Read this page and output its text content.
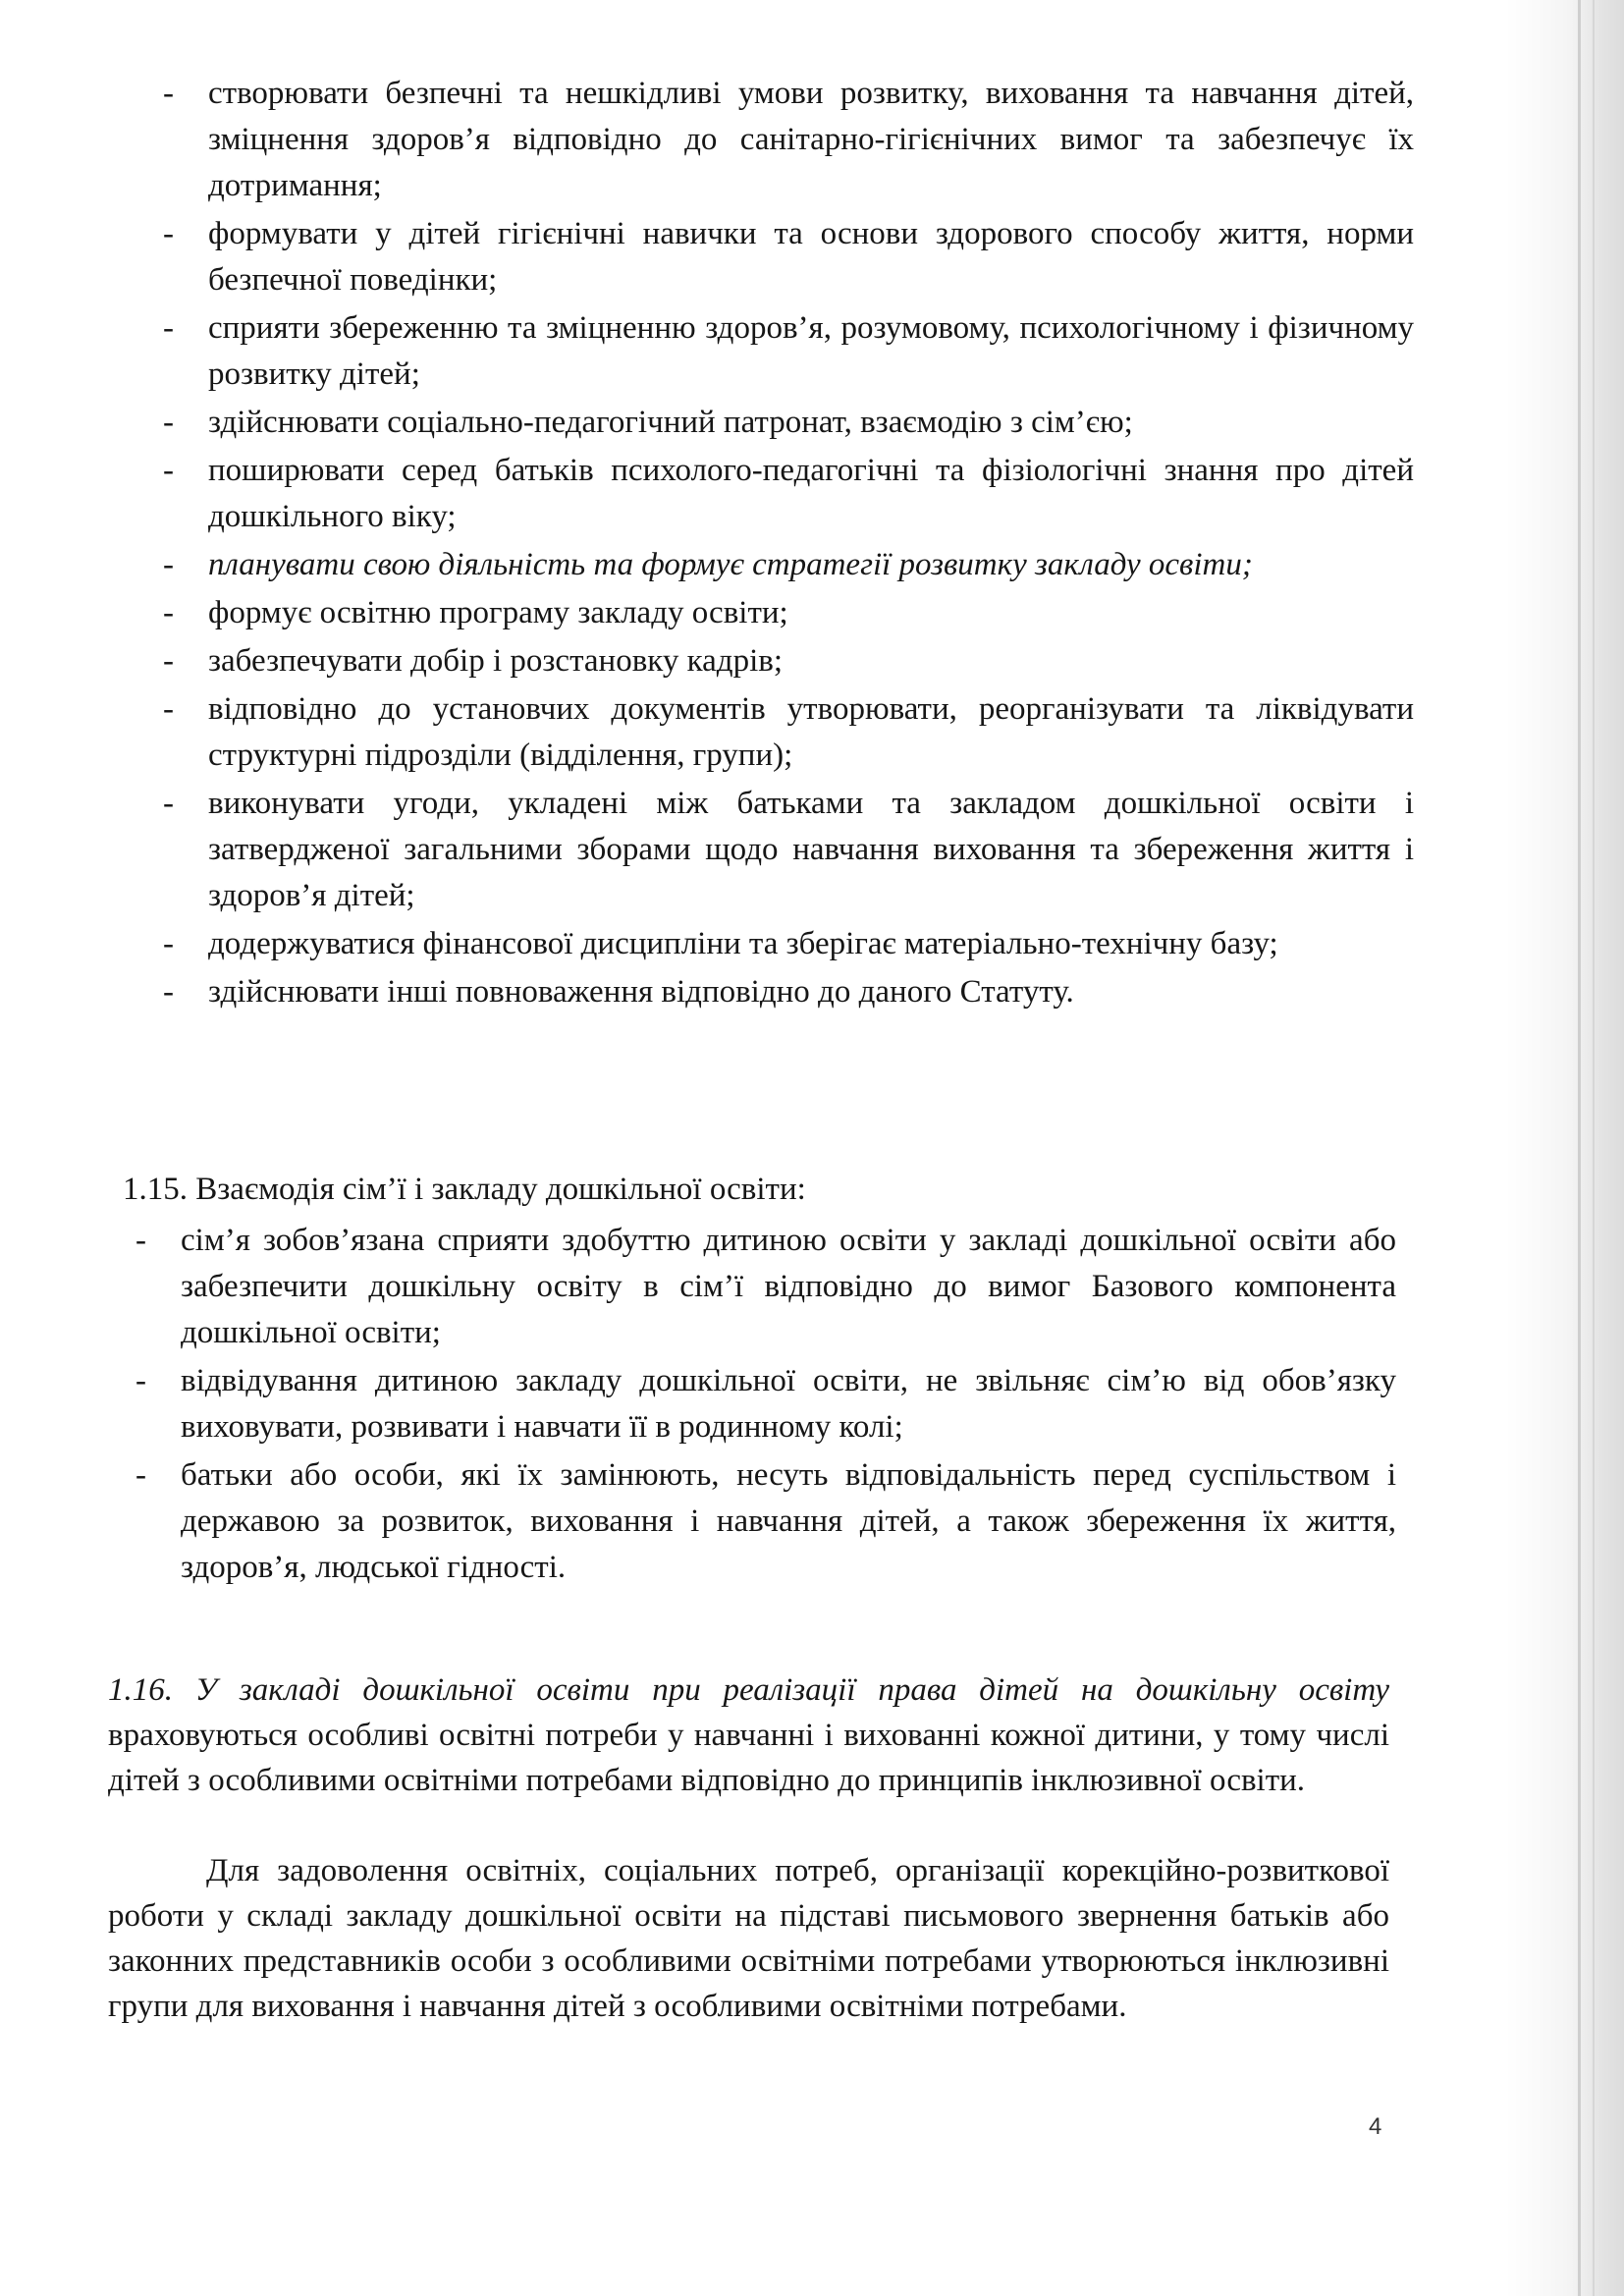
- створювати безпечні та нешкідливі умови розвитку, виховання та навчання дітей, зміцнення здоров’я відповідно до санітарно-гігієнічних вимог та забезпечує їх дотримання;
- формувати у дітей гігієнічні навички та основи здорового способу життя, норми безпечної поведінки;
- сприяти збереженню та зміцненню здоров’я, розумовому, психологічному і фізичному розвитку дітей;
- здійснювати соціально-педагогічний патронат, взаємодію з сім’єю;
- поширювати серед батьків психолого-педагогічні та фізіологічні знання про дітей дошкільного віку;
- планувати свою діяльність та формує стратегії розвитку закладу освіти;
- формує освітню програму закладу освіти;
- забезпечувати добір і розстановку кадрів;
- відповідно до установчих документів утворювати, реорганізувати та ліквідувати структурні підрозділи (відділення, групи);
- виконувати угоди, укладені між батьками та закладом дошкільної освіти і затвердженої загальними зборами щодо навчання виховання та збереження життя і здоров’я дітей;
- додержуватися фінансової дисципліни та зберігає матеріально-технічну базу;
- здійснювати інші повноваження відповідно до даного Статуту.
1.15. Взаємодія сім’ї і закладу дошкільної освіти:
- сім’я зобов’язана сприяти здобуттю дитиною освіти у закладі дошкільної освіти або забезпечити дошкільну освіту в сім’ї відповідно до вимог Базового компонента дошкільної освіти;
- відвідування дитиною закладу дошкільної освіти, не звільняє сім’ю від обов’язку виховувати, розвивати і навчати її в родинному колі;
- батьки або особи, які їх замінюють, несуть відповідальність перед суспільством і державою за розвиток, виховання і навчання дітей, а також збереження їх життя, здоров’я, людської гідності.

1.16. У закладі дошкільної освіти при реалізації права дітей на дошкільну освіту враховуються особливі освітні потреби у навчанні і вихованні кожної дитини, у тому числі дітей з особливими освітніми потребами відповідно до принципів інклюзивної освіти.

Для задоволення освітніх, соціальних потреб, організації корекційно-розвиткової роботи у складі закладу дошкільної освіти на підставі письмового звернення батьків або законних представників особи з особливими освітніми потребами утворюються інклюзивні групи для виховання і навчання дітей з особливими освітніми потребами.

4
